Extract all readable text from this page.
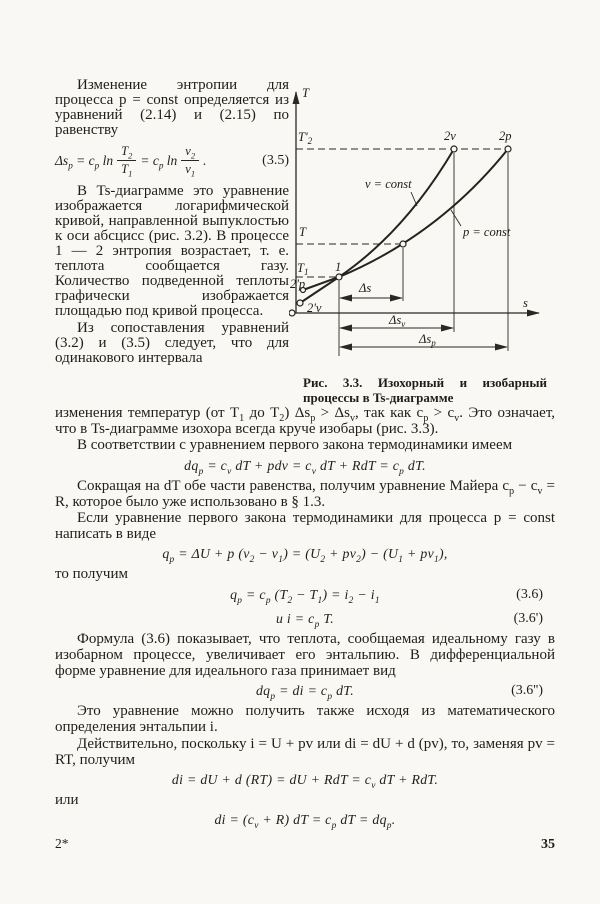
Изменение энтропии для процесса p = const определяется из уравнений (2.14) и (2.15) по равенству

$\Delta s_p = c_p$ $\ln \frac{T_2}{T_1} = c_p$ $\ln \frac{v_2}{v_1}$ .	(3.5)

В Ts-диаграмме это уравнение изображается логарифмической кривой, направленной выпуклостью к оси абсцисс (рис. 3.2). В процессе 1 — 2 энтропия возрастает, т. е. теплота сообщается газу. Количество подведенной теплоты графически изображается площадью под кривой процесса.

Из сопоставления уравнений (3.2) и (3.5) следует, что для одинакового интервала

T
s
$T'_2$	2v	2p
T
$T_1$ 1
2'p
2'v
v = const
p = const
Δs
$\Delta s_v$
$\Delta s_p$
Рис. 3.3. Изохорный и изобарный процессы в Ts-диаграмме

изменения температур (от $T_1$ до $T_2$) $\Delta s_p > \Delta s_v$, так как $c_p > c_v$. Это означает, что в Ts-диаграмме изохора всегда круче изобары (рис. 3.3).

В соответствии с уравнением первого закона термодинамики имеем

$dq_p = c_v$ dT + pdv = $c_v$ dT + RdT = $c_p$ dT.

Сокращая на dT обе части равенства, получим уравнение Майера $c_p - c_v = R$, которое было уже использовано в § 1.3.

Если уравнение первого закона термодинамики для процесса p = const написать в виде

$q_p = \Delta U + p$ $(v_2 - v_1) = (U_2 + pv_2) - (U_1 + pv_1)$,

то получим

$q_p = c_p$ $(T_2 - T_1) = i_2 - i_1$	(3.6)
и $i = c_p$ T.	(3.6')

Формула (3.6) показывает, что теплота, сообщаемая идеальному газу в изобарном процессе, увеличивает его энтальпию. В дифференциальной форме уравнение для идеального газа принимает вид

$dq_p$ = di = $c_p$ dT.	(3.6'')

Это уравнение можно получить также исходя из математического определения энтальпии i.

Действительно, поскольку i = U + pv или di = dU + d (pv), то, заменяя pv = RT, получим

di = dU + d (RT) = dU + RdT = $c_v$ dT + RdT.

или

di = $(c_v + R)$ dT = $c_p$ dT = $dq_p$.
2*	35
